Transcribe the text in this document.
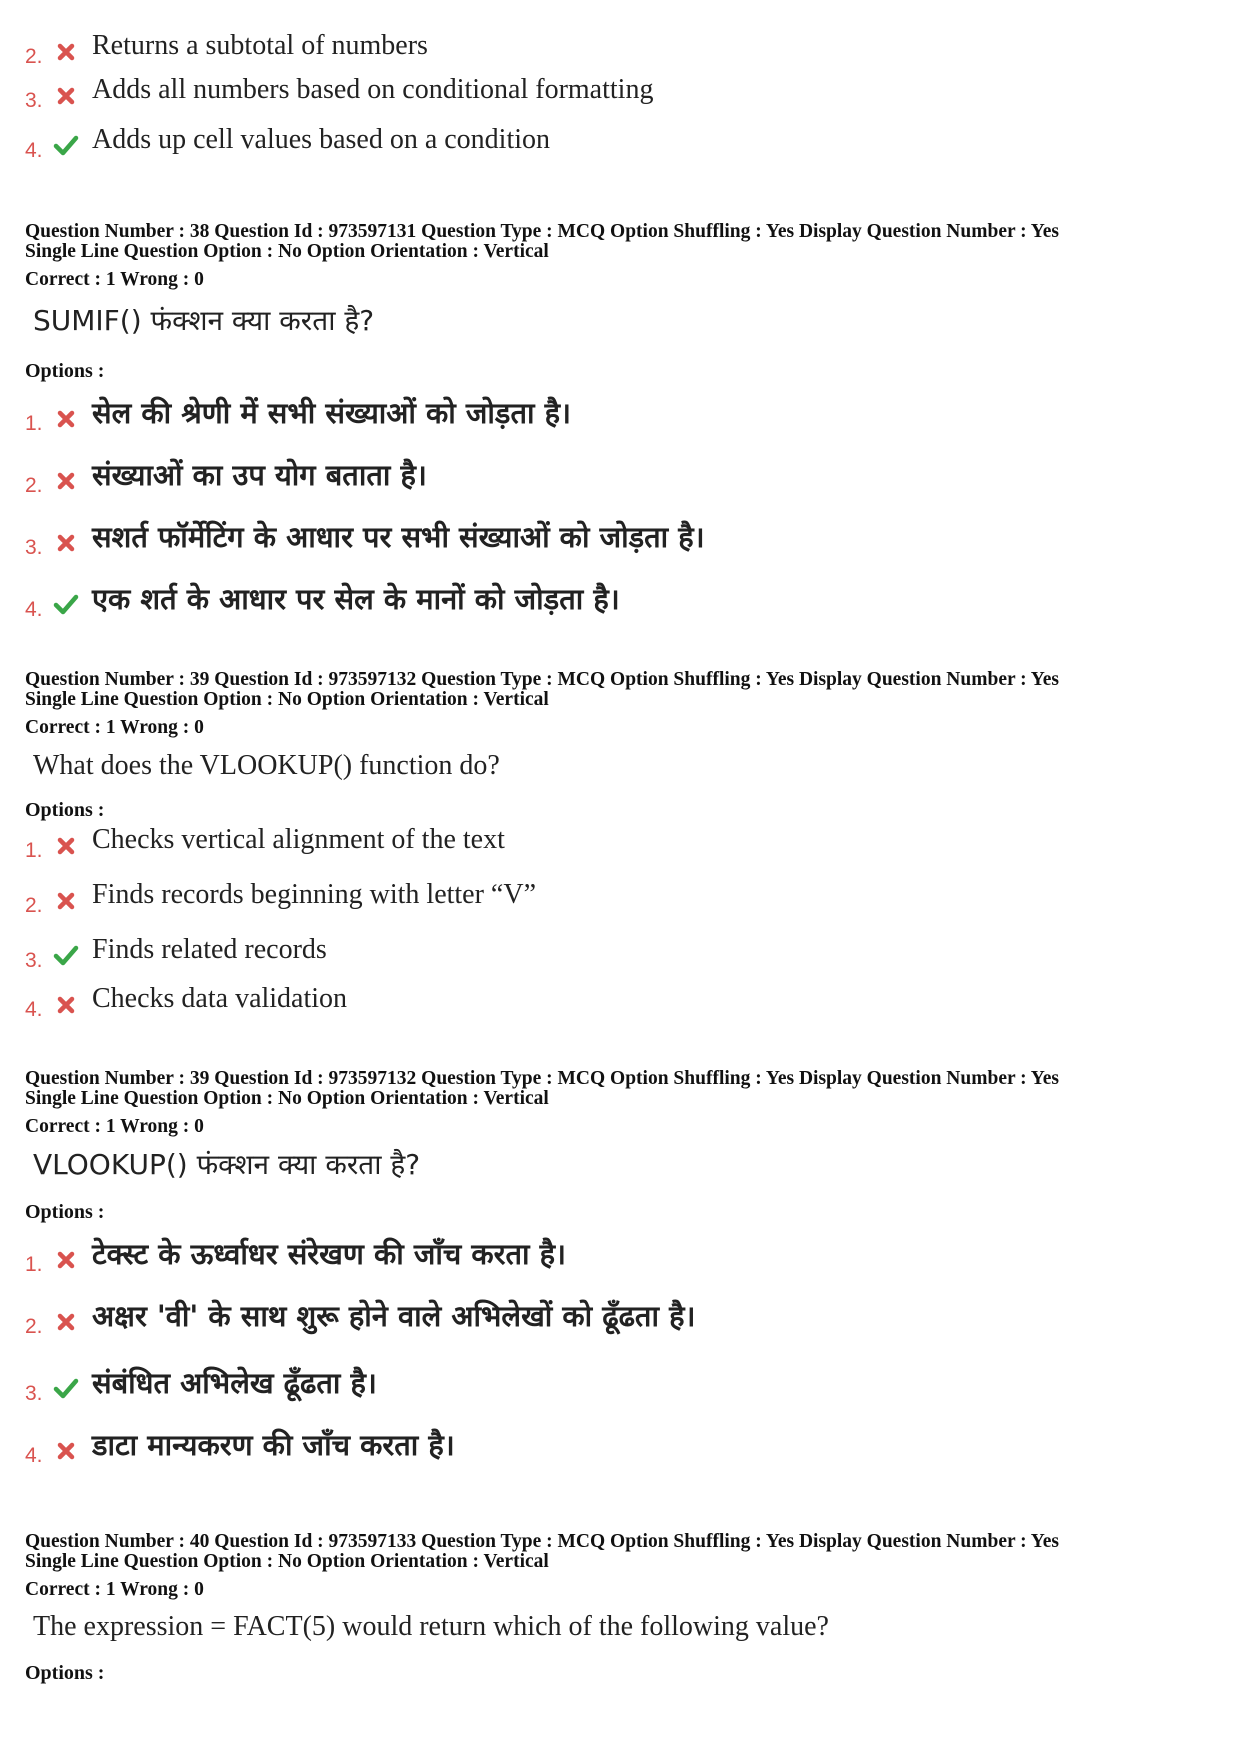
2. Returns a subtotal of numbers
3. Adds all numbers based on conditional formatting
4. Adds up cell values based on a condition
Question Number : 38 Question Id : 973597131 Question Type : MCQ Option Shuffling : Yes Display Question Number : Yes
Single Line Question Option : No Option Orientation : Vertical
Correct : 1 Wrong : 0
SUMIF() फंक्शन क्या करता है?
Options :
1. सेल की श्रेणी में सभी संख्याओं को जोड़ता है।
2. संख्याओं का उप योग बताता है।
3. सशर्त फॉर्मेटिंग के आधार पर सभी संख्याओं को जोड़ता है।
4. एक शर्त के आधार पर सेल के मानों को जोड़ता है।
Question Number : 39 Question Id : 973597132 Question Type : MCQ Option Shuffling : Yes Display Question Number : Yes
Single Line Question Option : No Option Orientation : Vertical
Correct : 1 Wrong : 0
What does the VLOOKUP() function do?
Options :
1. Checks vertical alignment of the text
2. Finds records beginning with letter “V”
3. Finds related records
4. Checks data validation
Question Number : 39 Question Id : 973597132 Question Type : MCQ Option Shuffling : Yes Display Question Number : Yes
Single Line Question Option : No Option Orientation : Vertical
Correct : 1 Wrong : 0
VLOOKUP() फंक्शन क्या करता है?
Options :
1. टेक्स्ट के ऊर्ध्वाधर संरेखण की जाँच करता है।
2. अक्षर 'वी' के साथ शुरू होने वाले अभिलेखों को ढूँढता है।
3. संबंधित अभिलेख ढूँढता है।
4. डाटा मान्यकरण की जाँच करता है।
Question Number : 40 Question Id : 973597133 Question Type : MCQ Option Shuffling : Yes Display Question Number : Yes
Single Line Question Option : No Option Orientation : Vertical
Correct : 1 Wrong : 0
The expression = FACT(5) would return which of the following value?
Options :
